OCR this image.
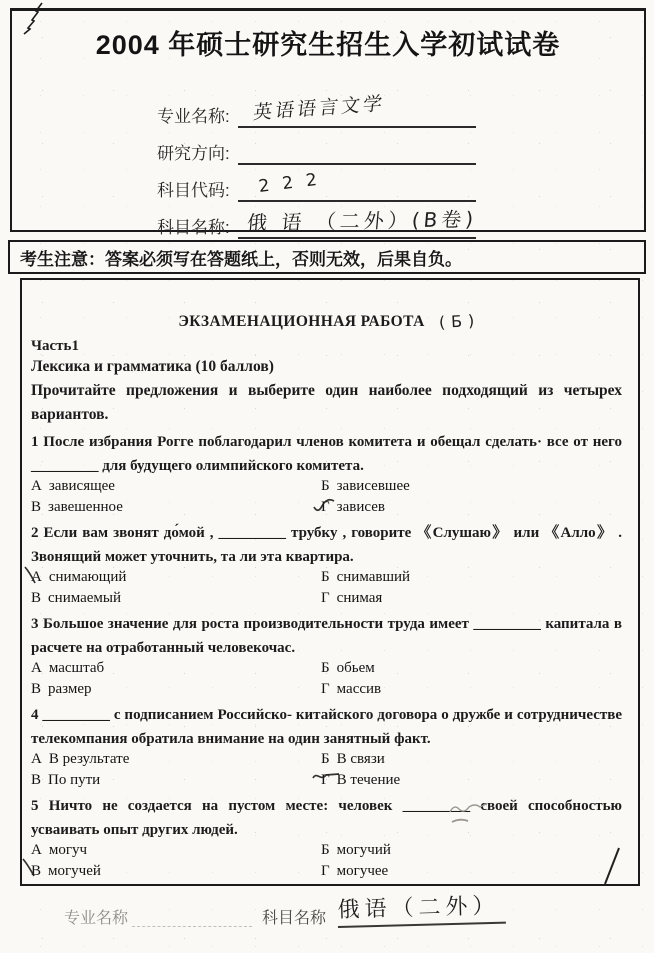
2004 年硕士研究生招生入学初试试卷
专业名称: 英语语言文学
研究方向:
科目代码: 222
科目名称: 俄 语 （二外）(B卷)
考生注意：答案必须写在答题纸上，否则无效，后果自负。
ЭКЗАМЕНАЦИОННАЯ РАБОТА ( Б )
Часть1
Лексика и грамматика (10 баллов)

Прочитайте предложения и выберите один наиболее подходящий из четырех вариантов.

1 После избрания Рогге поблагодарил членов комитета и обещал сделать· все от него _________ для будущего олимпийского комитета.

А зависящее	Б зависевшее
В завешенное	Г зависев

2 Если вам звонят до́мой , _________ трубку , говорите 《Слушаю》 или 《Алло》 . Звонящий может уточнить, та ли эта квартира.

А снимающий	Б снимавший
В снимаемый	Г снимая

3 Большое значение для роста производительности труда имеет _________ капитала в расчете на отработанный человекочас.

А масштаб	Б обьем
В размер	Г массив

4 _________ с подписанием Российско- китайского договора о дружбе и сотрудничестве телекомпания обратила внимание на один занятный факт.

А В результате	Б В связи
В По пути	Г В течение

5 Ничто не создается на пустом месте: человек _________ своей способностью усваивать опыт других людей.

А могуч	Б могучий
В могучей	Г могучее
专业名称	科目名称 俄语（二外）
